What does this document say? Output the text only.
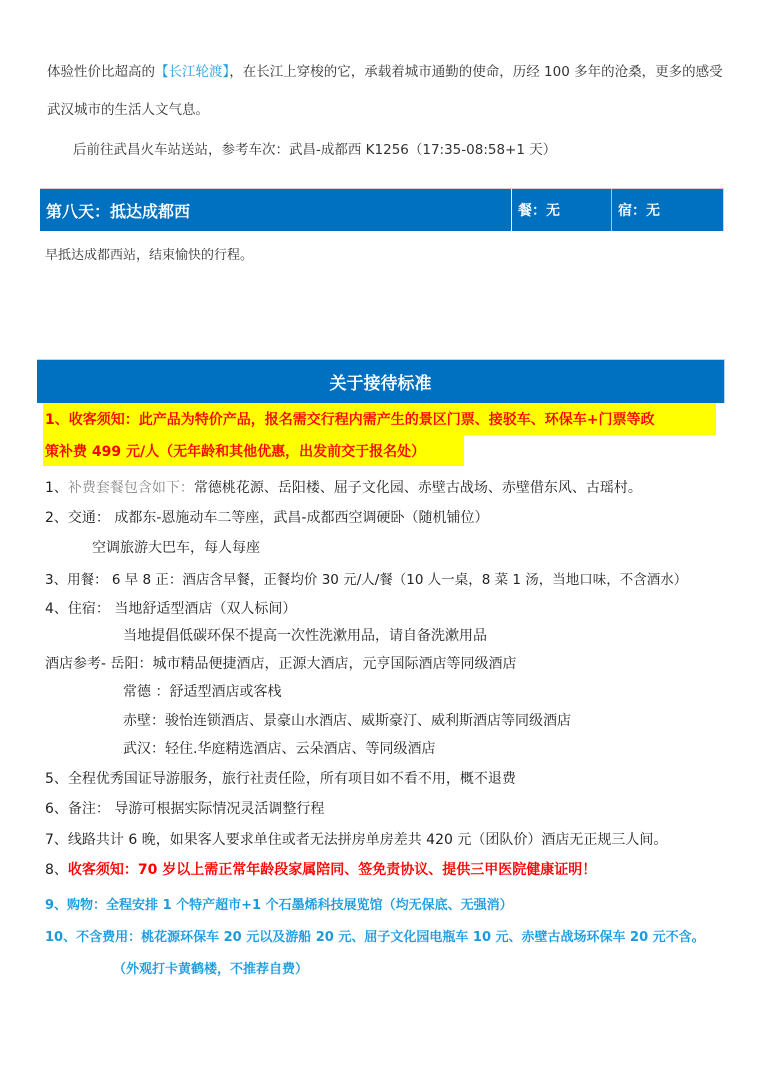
体验性价比超高的【长江轮渡】，在长江上穿梭的它，承载着城市通勤的使命，历经 100 多年的沧桑，更多的感受
武汉城市的生活人文气息。
后前往武昌火车站送站，参考车次：武昌-成都西 K1256（17:35-08:58+1 天）
第八天：抵达成都西	餐：无	宿：无
早抵达成都西站，结束愉快的行程。
关于接待标准
1、收客须知：此产品为特价产品，报名需交行程内需产生的景区门票、接驳车、环保车+门票等政
策补费 499 元/人（无年龄和其他优惠，出发前交于报名处）
1、补费套餐包含如下：常德桃花源、岳阳楼、屈子文化园、赤壁古战场、赤壁借东风、古瑶村。
2、交通： 成都东-恩施动车二等座，武昌-成都西空调硬卧（随机铺位）
空调旅游大巴车，每人每座
3、用餐： 6 早 8 正：酒店含早餐，正餐均价 30 元/人/餐（10 人一桌，8 菜 1 汤，当地口味，不含酒水）
4、住宿： 当地舒适型酒店（双人标间）
当地提倡低碳环保不提高一次性洗漱用品，请自备洗漱用品
酒店参考- 岳阳：城市精品便捷酒店，正源大酒店，元亨国际酒店等同级酒店
常德 ：舒适型酒店或客栈
赤壁：骏怡连锁酒店、景豪山水酒店、威斯豪汀、威利斯酒店等同级酒店
武汉：轻住.华庭精选酒店、云朵酒店、等同级酒店
5、全程优秀国证导游服务，旅行社责任险，所有项目如不看不用，概不退费
6、备注： 导游可根据实际情况灵活调整行程
7、线路共计 6 晚，如果客人要求单住或者无法拼房单房差共 420 元（团队价）酒店无正规三人间。
8、收客须知：70 岁以上需正常年龄段家属陪同、签免责协议、提供三甲医院健康证明！
9、购物：全程安排 1 个特产超市+1 个石墨烯科技展览馆（均无保底、无强消）
10、不含费用：桃花源环保车 20 元以及游船 20 元、屈子文化园电瓶车 10 元、赤壁古战场环保车 20 元不含。
（外观打卡黄鹤楼，不推荐自费）
